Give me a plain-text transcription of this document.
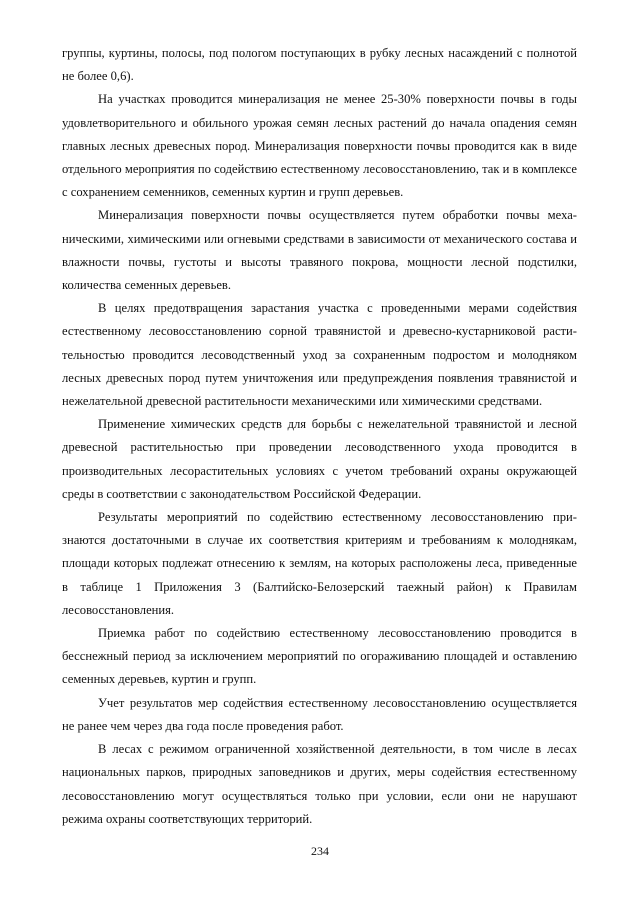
группы, куртины, полосы, под пологом поступающих в рубку лесных насаждений с полнотой не более 0,6).

На участках проводится минерализация не менее 25-30% поверхности почвы в годы удовлетворительного и обильного урожая семян лесных растений до начала опадения семян главных лесных древесных пород. Минерализация поверхности почвы проводится как в виде отдельного мероприятия по содействию естественному лесовосстановлению, так и в комплексе с сохранением семенников, семенных куртин и групп деревьев.

Минерализация поверхности почвы осуществляется путем обработки почвы механическими, химическими или огневыми средствами в зависимости от механического состава и влажности почвы, густоты и высоты травяного покрова, мощности лесной подстилки, количества семенных деревьев.

В целях предотвращения зарастания участка с проведенными мерами содействия естественному лесовосстановлению сорной травянистой и древесно-кустарниковой растительностью проводится лесоводственный уход за сохраненным подростом и молодняком лесных древесных пород путем уничтожения или предупреждения появления травянистой и нежелательной древесной растительности механическими или химическими средствами.

Применение химических средств для борьбы с нежелательной травянистой и лесной древесной растительностью при проведении лесоводственного ухода проводится в производительных лесорастительных условиях с учетом требований охраны окружающей среды в соответствии с законодательством Российской Федерации.

Результаты мероприятий по содействию естественному лесовосстановлению признаются достаточными в случае их соответствия критериям и требованиям к молоднякам, площади которых подлежат отнесению к землям, на которых расположены леса, приведенные в таблице 1 Приложения 3 (Балтийско-Белозерский таежный район) к Правилам лесовосстановления.

Приемка работ по содействию естественному лесовосстановлению проводится в бесснежный период за исключением мероприятий по огораживанию площадей и оставлению семенных деревьев, куртин и групп.

Учет результатов мер содействия естественному лесовосстановлению осуществляется не ранее чем через два года после проведения работ.

В лесах с режимом ограниченной хозяйственной деятельности, в том числе в лесах национальных парков, природных заповедников и других, меры содействия естественному лесовосстановлению могут осуществляться только при условии, если они не нарушают режима охраны соответствующих территорий.

234
